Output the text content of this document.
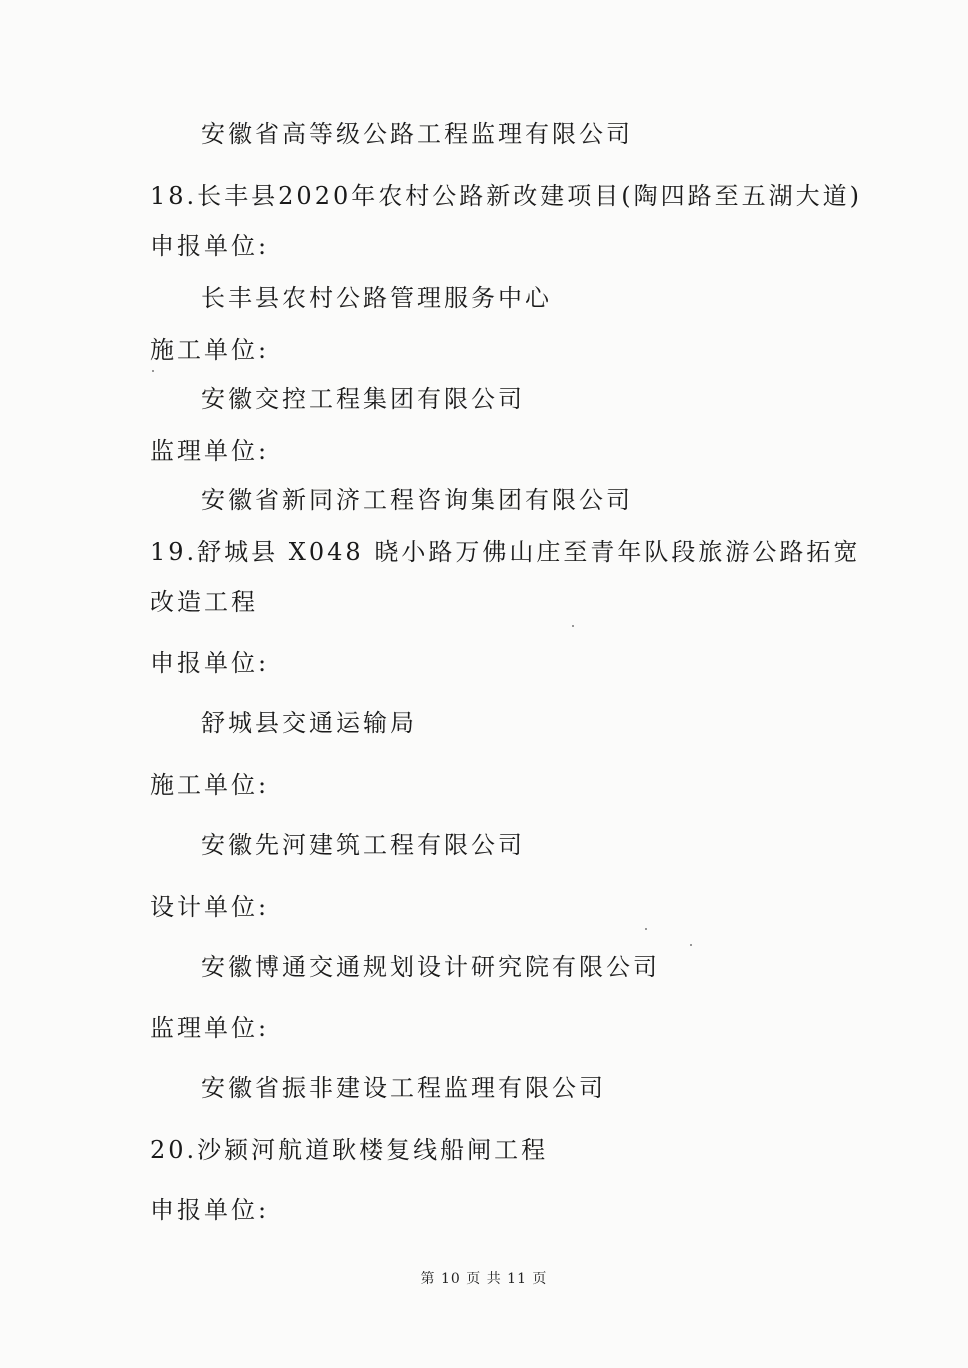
安徽省高等级公路工程监理有限公司
18.长丰县2020年农村公路新改建项目(陶四路至五湖大道)
申报单位:
长丰县农村公路管理服务中心
施工单位:
安徽交控工程集团有限公司
监理单位:
安徽省新同济工程咨询集团有限公司
19.舒城县 X048 晓小路万佛山庄至青年队段旅游公路拓宽
改造工程
申报单位:
舒城县交通运输局
施工单位:
安徽先河建筑工程有限公司
设计单位:
安徽博通交通规划设计研究院有限公司
监理单位:
安徽省振非建设工程监理有限公司
20.沙颍河航道耿楼复线船闸工程
申报单位:
第 10 页 共 11 页
